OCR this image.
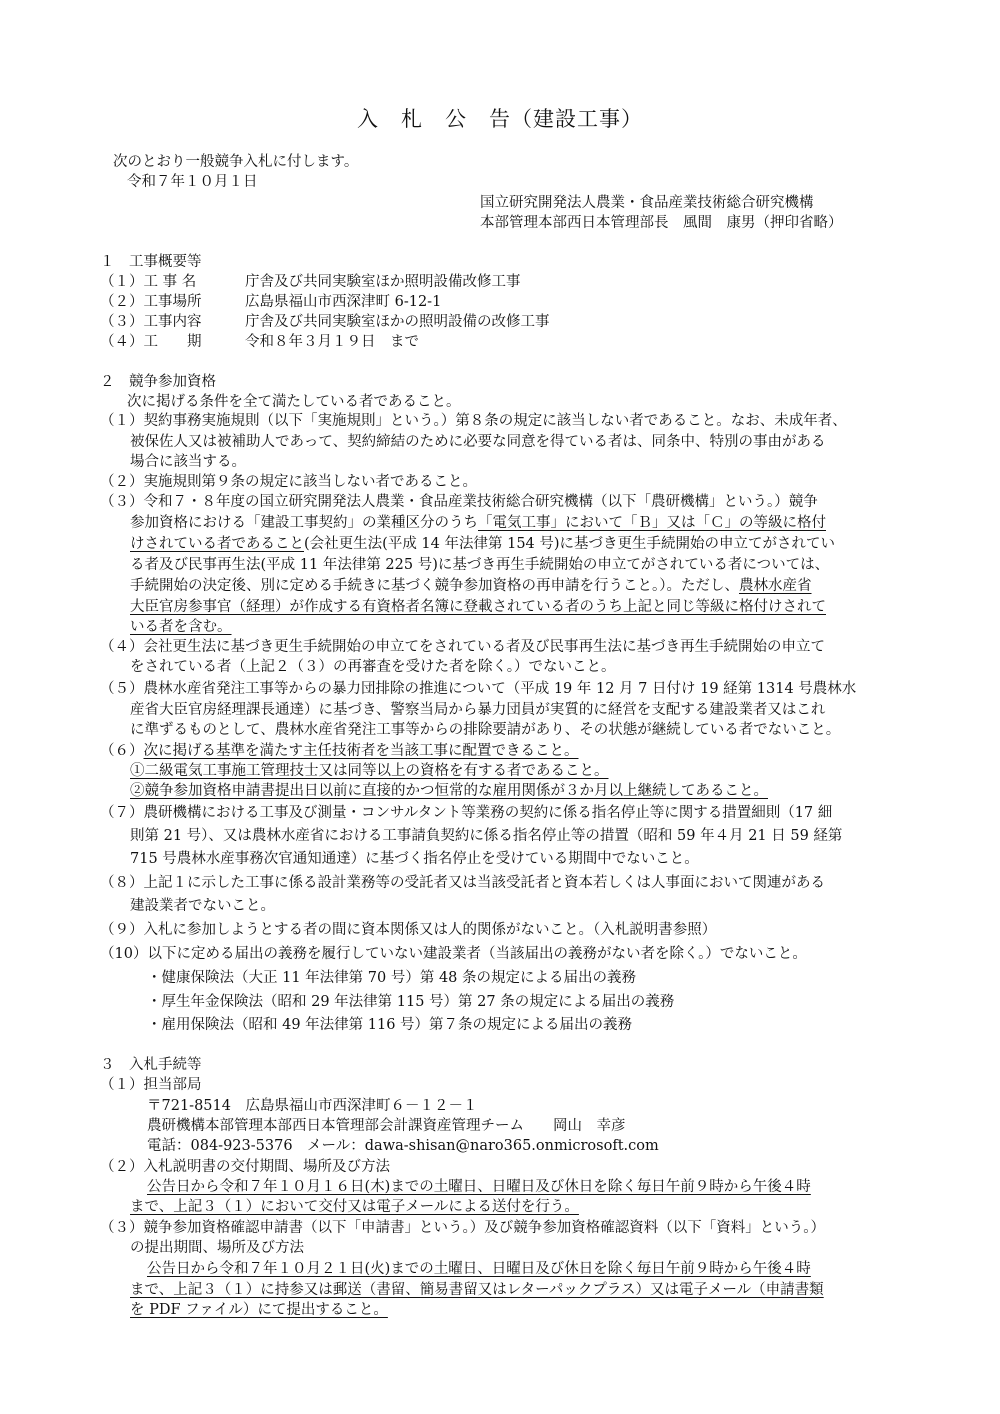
入　札　公　告（建設工事）
次のとおり一般競争入札に付します。
令和７年１０月１日
国立研究開発法人農業・食品産業技術総合研究機構
本部管理本部西日本管理部長　風間　康男（押印省略）
１　工事概要等
（１）工 事 名	庁舎及び共同実験室ほか照明設備改修工事
（２）工事場所	広島県福山市西深津町 6-12-1
（３）工事内容	庁舎及び共同実験室ほかの照明設備の改修工事
（４）工　　期	令和８年３月１９日　まで
２　競争参加資格
次に掲げる条件を全て満たしている者であること。
（１）契約事務実施規則（以下「実施規則」という。）第８条の規定に該当しない者であること。なお、未成年者、
被保佐人又は被補助人であって、契約締結のために必要な同意を得ている者は、同条中、特別の事由がある
場合に該当する。
（２）実施規則第９条の規定に該当しない者であること。
（３）令和７・８年度の国立研究開発法人農業・食品産業技術総合研究機構（以下「農研機構」という。）競争
参加資格における「建設工事契約」の業種区分のうち「電気工事」において「Ｂ」又は「Ｃ」の等級に格付
けされている者であること(会社更生法(平成 14 年法律第 154 号)に基づき更生手続開始の申立てがされてい
る者及び民事再生法(平成 11 年法律第 225 号)に基づき再生手続開始の申立てがされている者については、
手続開始の決定後、別に定める手続きに基づく競争参加資格の再申請を行うこと。）。ただし、農林水産省
大臣官房参事官（経理）が作成する有資格者名簿に登載されている者のうち上記と同じ等級に格付けされて
いる者を含む。
（４）会社更生法に基づき更生手続開始の申立てをされている者及び民事再生法に基づき再生手続開始の申立て
をされている者（上記２（３）の再審査を受けた者を除く。）でないこと。
（５）農林水産省発注工事等からの暴力団排除の推進について（平成 19 年 12 月 7 日付け 19 経第 1314 号農林水
産省大臣官房経理課長通達）に基づき、警察当局から暴力団員が実質的に経営を支配する建設業者又はこれ
に準ずるものとして、農林水産省発注工事等からの排除要請があり、その状態が継続している者でないこと。
（６）次に掲げる基準を満たす主任技術者を当該工事に配置できること。
①二級電気工事施工管理技士又は同等以上の資格を有する者であること。
②競争参加資格申請書提出日以前に直接的かつ恒常的な雇用関係が３か月以上継続してあること。
（７）農研機構における工事及び測量・コンサルタント等業務の契約に係る指名停止等に関する措置細則（17 細
則第 21 号）、又は農林水産省における工事請負契約に係る指名停止等の措置（昭和 59 年４月 21 日 59 経第
715 号農林水産事務次官通知通達）に基づく指名停止を受けている期間中でないこと。
（８）上記１に示した工事に係る設計業務等の受託者又は当該受託者と資本若しくは人事面において関連がある
建設業者でないこと。
（９）入札に参加しようとする者の間に資本関係又は人的関係がないこと。（入札説明書参照）
（10）以下に定める届出の義務を履行していない建設業者（当該届出の義務がない者を除く。）でないこと。
・健康保険法（大正 11 年法律第 70 号）第 48 条の規定による届出の義務
・厚生年金保険法（昭和 29 年法律第 115 号）第 27 条の規定による届出の義務
・雇用保険法（昭和 49 年法律第 116 号）第７条の規定による届出の義務
３　入札手続等
（１）担当部局
〒721-8514　広島県福山市西深津町６－１２－１
農研機構本部管理本部西日本管理部会計課資産管理チーム　　岡山　幸彦
電話：084-923-5376　メール：dawa-shisan@naro365.onmicrosoft.com
（２）入札説明書の交付期間、場所及び方法
公告日から令和７年１０月１６日(木)までの土曜日、日曜日及び休日を除く毎日午前９時から午後４時
まで、上記３（１）において交付又は電子メールによる送付を行う。
（３）競争参加資格確認申請書（以下「申請書」という。）及び競争参加資格確認資料（以下「資料」という。）
の提出期間、場所及び方法
公告日から令和７年１０月２１日(火)までの土曜日、日曜日及び休日を除く毎日午前９時から午後４時
まで、上記３（１）に持参又は郵送（書留、簡易書留又はレターパックプラス）又は電子メール（申請書類
を PDF ファイル）にて提出すること。
